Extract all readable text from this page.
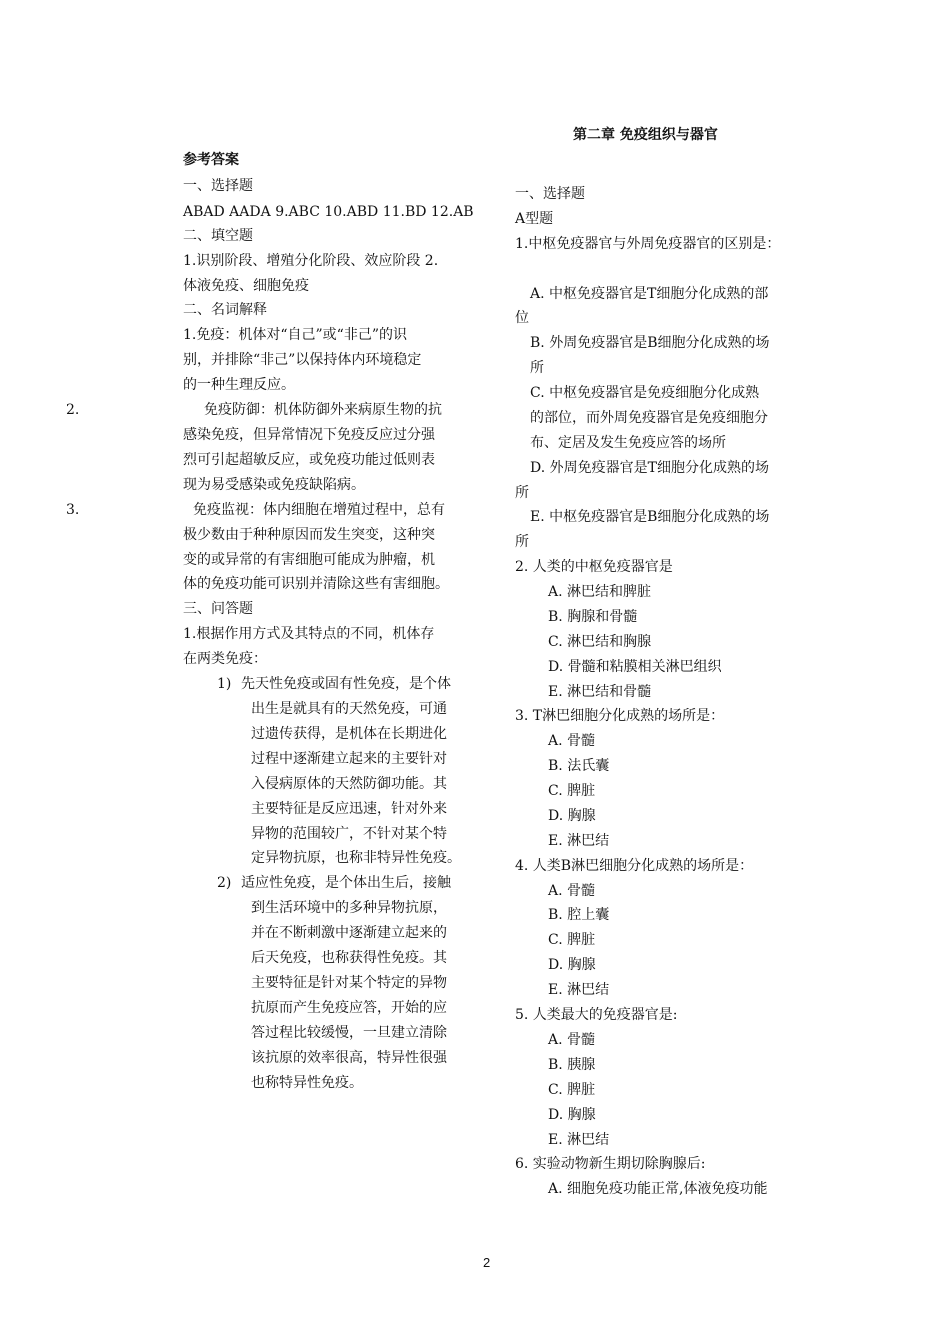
参考答案
一、选择题
ABAD AADA 9.ABC 10.ABD 11.BD 12.AB
二、填空题
1.识别阶段、增殖分化阶段、效应阶段 2.
体液免疫、细胞免疫
二、名词解释
1.免疫：机体对“自己”或“非己”的识
别，并排除“非己”以保持体内环境稳定
的一种生理反应。
2.	免疫防御：机体防御外来病原生物的抗
感染免疫，但异常情况下免疫反应过分强
烈可引起超敏反应，或免疫功能过低则表
现为易受感染或免疫缺陷病。
3.	免疫监视：体内细胞在增殖过程中，总有
极少数由于种种原因而发生突变，这种突
变的或异常的有害细胞可能成为肿瘤，机
体的免疫功能可识别并清除这些有害细胞。
三、问答题
1.根据作用方式及其特点的不同，机体存
在两类免疫：
1) 先天性免疫或固有性免疫，是个体
出生是就具有的天然免疫，可通
过遗传获得，是机体在长期进化
过程中逐渐建立起来的主要针对
入侵病原体的天然防御功能。其
主要特征是反应迅速，针对外来
异物的范围较广，不针对某个特
定异物抗原，也称非特异性免疫。
2) 适应性免疫，是个体出生后，接触
到生活环境中的多种异物抗原，
并在不断刺激中逐渐建立起来的
后天免疫，也称获得性免疫。其
主要特征是针对某个特定的异物
抗原而产生免疫应答，开始的应
答过程比较缓慢，一旦建立清除
该抗原的效率很高，特异性很强
也称特异性免疫。
第二章 免疫组织与器官
一、选择题
A型题
1.中枢免疫器官与外周免疫器官的区别是：
A. 中枢免疫器官是T细胞分化成熟的部
位
B. 外周免疫器官是B细胞分化成熟的场
所
C. 中枢免疫器官是免疫细胞分化成熟
的部位，而外周免疫器官是免疫细胞分
布、定居及发生免疫应答的场所
D. 外周免疫器官是T细胞分化成熟的场
所
E. 中枢免疫器官是B细胞分化成熟的场
所
2. 人类的中枢免疫器官是
A. 淋巴结和脾脏
B. 胸腺和骨髓
C. 淋巴结和胸腺
D. 骨髓和粘膜相关淋巴组织
E. 淋巴结和骨髓
3. T淋巴细胞分化成熟的场所是：
A. 骨髓
B. 法氏囊
C. 脾脏
D. 胸腺
E. 淋巴结
4. 人类B淋巴细胞分化成熟的场所是：
A. 骨髓
B. 腔上囊
C. 脾脏
D. 胸腺
E. 淋巴结
5. 人类最大的免疫器官是:
A. 骨髓
B. 胰腺
C. 脾脏
D. 胸腺
E. 淋巴结
6. 实验动物新生期切除胸腺后:
A. 细胞免疫功能正常,体液免疫功能
2
